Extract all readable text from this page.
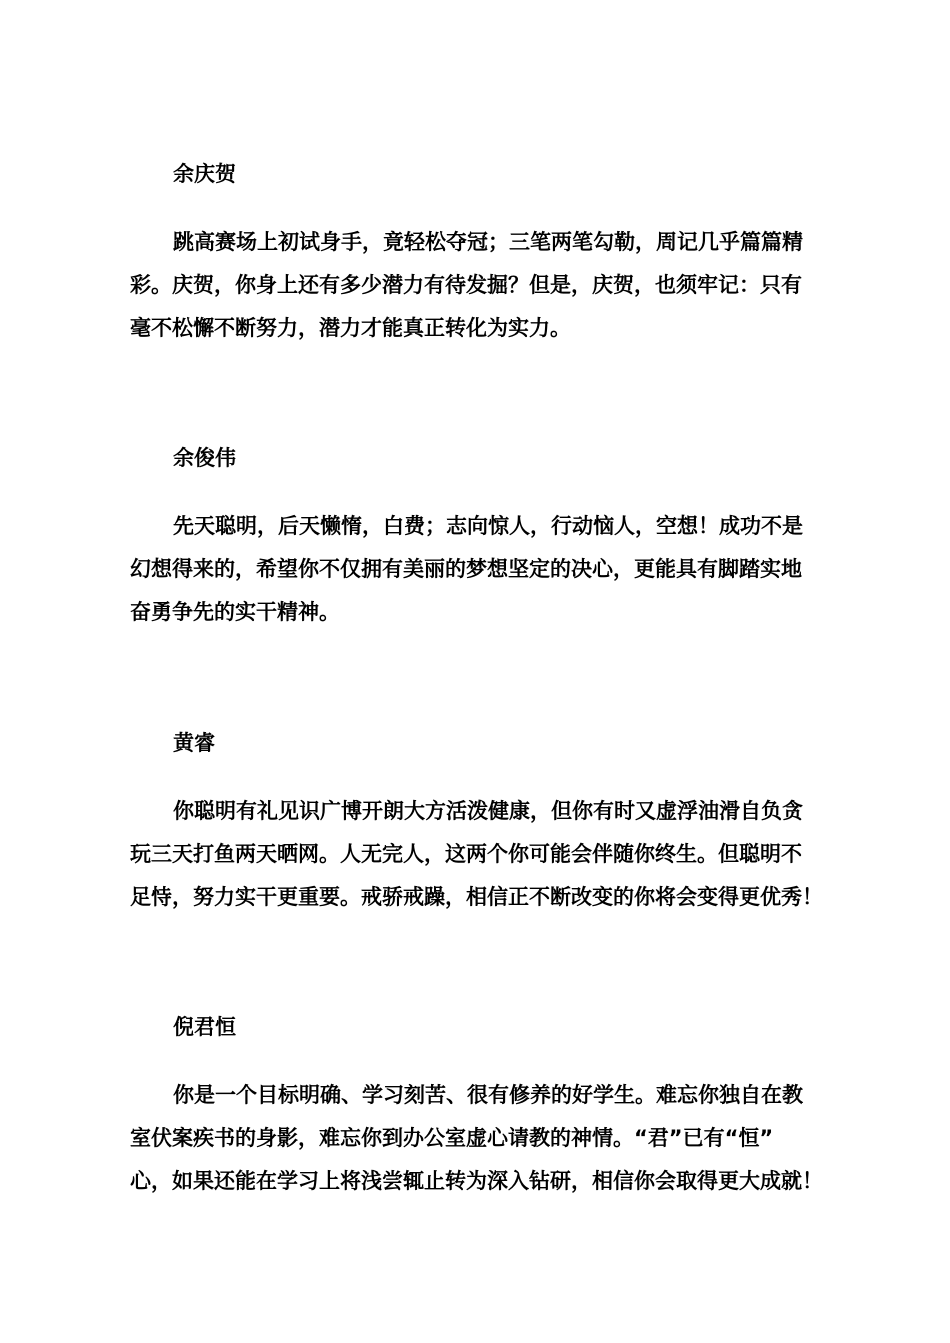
余庆贺
跳高赛场上初试身手，竟轻松夺冠；三笔两笔勾勒，周记几乎篇篇精
彩。庆贺，你身上还有多少潜力有待发掘？但是，庆贺，也须牢记：只有
毫不松懈不断努力，潜力才能真正转化为实力。
余俊伟
先天聪明，后天懒惰，白费；志向惊人，行动恼人，空想！成功不是
幻想得来的，希望你不仅拥有美丽的梦想坚定的决心，更能具有脚踏实地
奋勇争先的实干精神。
黄睿
你聪明有礼见识广博开朗大方活泼健康，但你有时又虚浮油滑自负贪
玩三天打鱼两天晒网。人无完人，这两个你可能会伴随你终生。但聪明不
足恃，努力实干更重要。戒骄戒躁，相信正不断改变的你将会变得更优秀！
倪君恒
你是一个目标明确、学习刻苦、很有修养的好学生。难忘你独自在教
室伏案疾书的身影，难忘你到办公室虚心请教的神情。“君”已有“恒”
心，如果还能在学习上将浅尝辄止转为深入钻研，相信你会取得更大成就！
